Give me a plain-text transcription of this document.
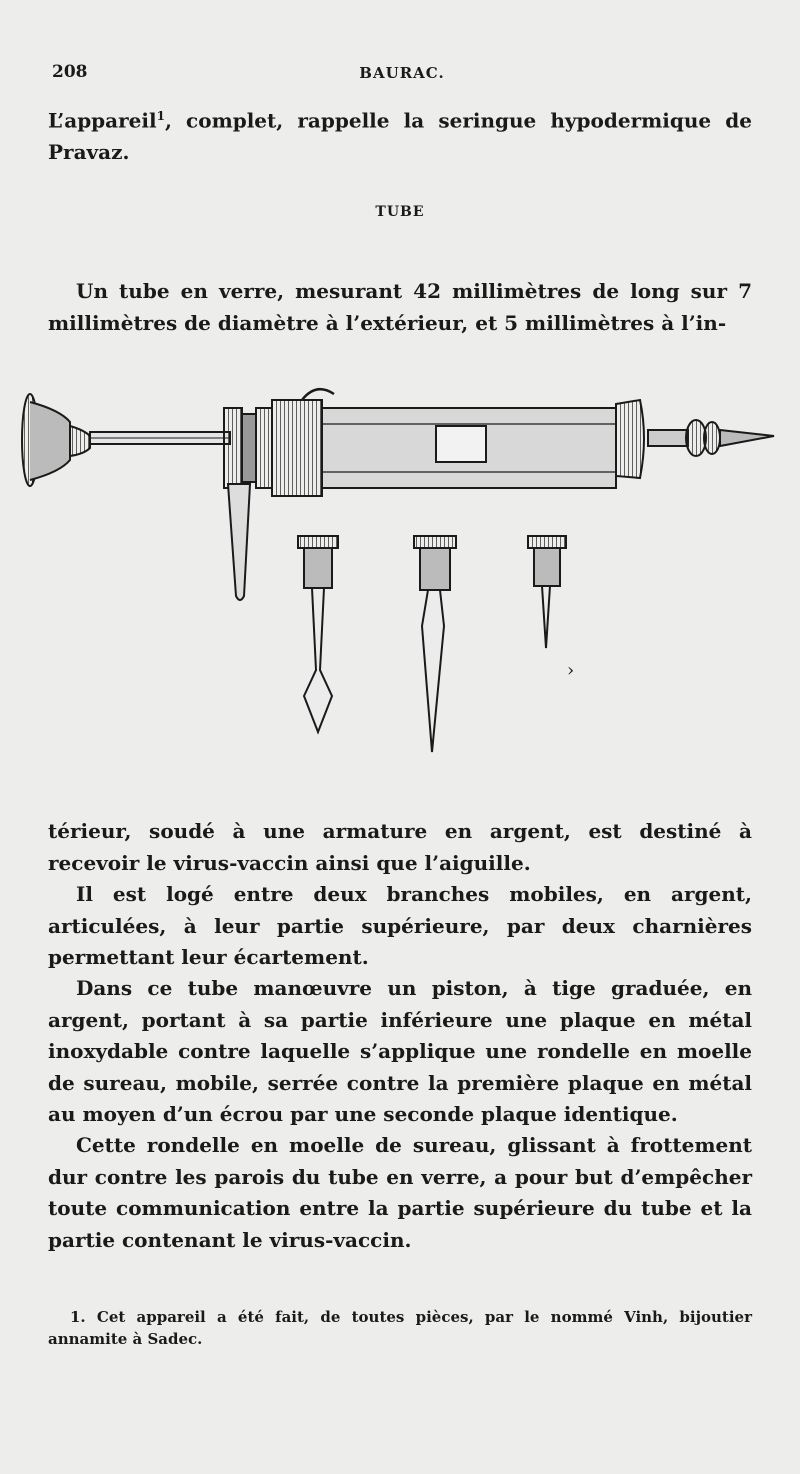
208	BAURAC.

L’appareil$^1$, complet, rappelle la seringue hypodermique de Pravaz.

TUBE

Un tube en verre, mesurant 42 millimètres de long sur 7 millimètres de diamètre à l’extérieur, et 5 millimètres à l’in-

›

térieur, soudé à une armature en argent, est destiné à recevoir le virus-vaccin ainsi que l’aiguille.

Il est logé entre deux branches mobiles, en argent, articulées, à leur partie supérieure, par deux charnières permettant leur écartement.

Dans ce tube manœuvre un piston, à tige graduée, en argent, portant à sa partie inférieure une plaque en métal inoxydable contre laquelle s’applique une rondelle en moelle de sureau, mobile, serrée contre la première plaque en métal au moyen d’un écrou par une seconde plaque identique.

Cette rondelle en moelle de sureau, glissant à frottement dur contre les parois du tube en verre, a pour but d’empêcher toute communication entre la partie supérieure du tube et la partie contenant le virus-vaccin.

1. Cet appareil a été fait, de toutes pièces, par le nommé Vinh, bijoutier annamite à Sadec.
